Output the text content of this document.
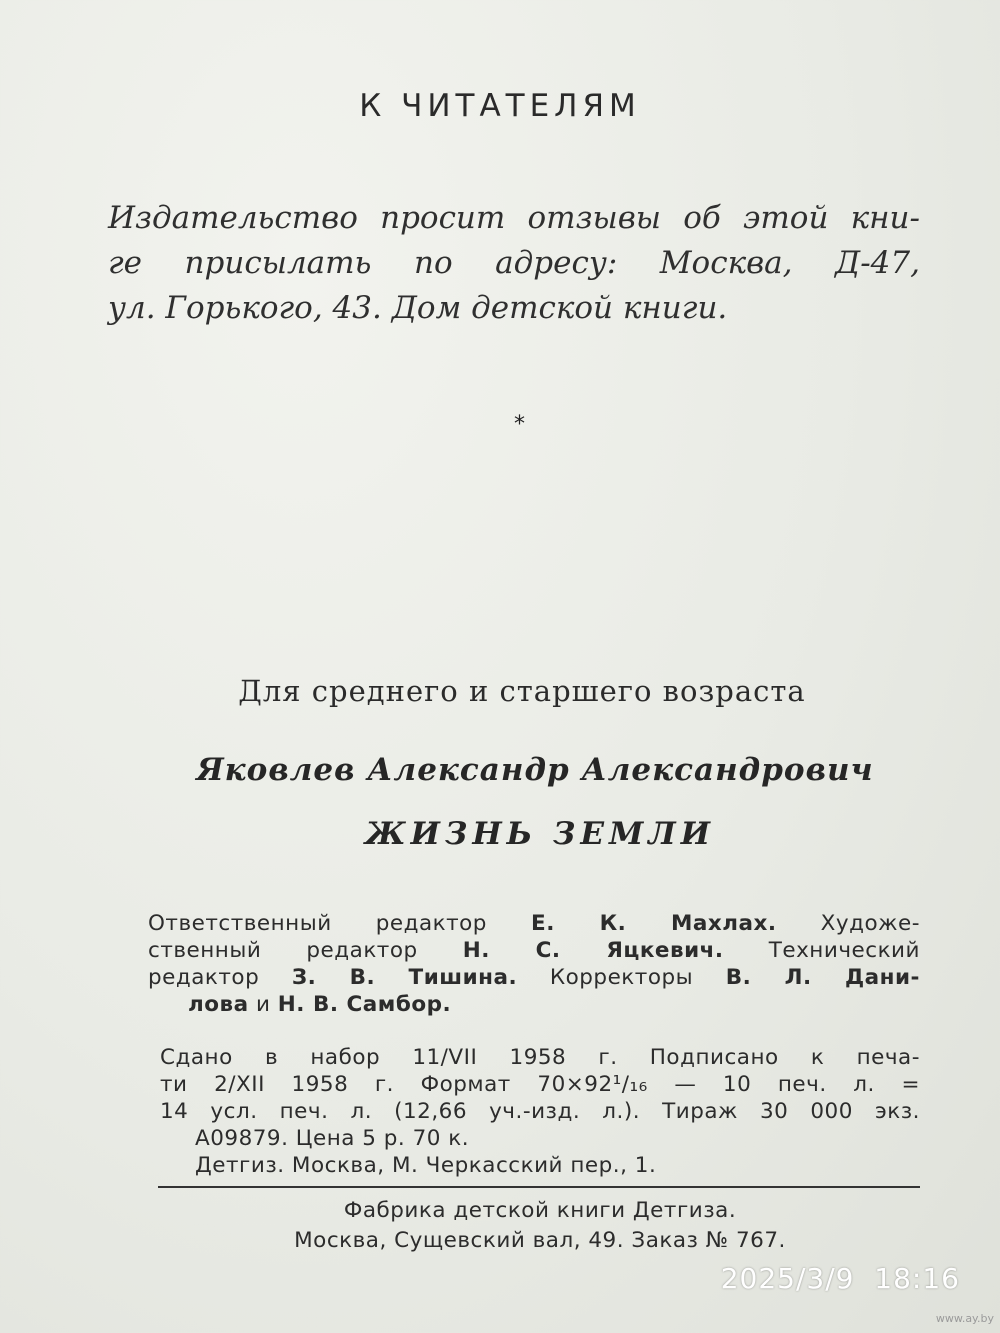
К ЧИТАТЕЛЯМ
Издательство просит отзывы об этой кни-
ге присылать по адресу: Москва, Д-47,
ул. Горького, 43. Дом детской книги.
*
Для среднего и старшего возраста
Яковлев Александр Александрович
ЖИЗНЬ ЗЕМЛИ
Ответственный редактор Е. К. Махлах. Художе-
ственный редактор Н. С. Яцкевич. Технический
редактор З. В. Тишина. Корректоры В. Л. Дани-
лова и Н. В. Самбор.
Сдано в набор 11/VII 1958 г. Подписано к печа-
ти 2/XII 1958 г. Формат 70×92¹/₁₆ — 10 печ. л. =
14 усл. печ. л. (12,66 уч.-изд. л.). Тираж 30 000 экз.
А09879. Цена 5 р. 70 к.
Детгиз. Москва, М. Черкасский пер., 1.
Фабрика детской книги Детгиза.
Москва, Сущевский вал, 49. Заказ № 767.
2025/3/9 18:16
www.ay.by
